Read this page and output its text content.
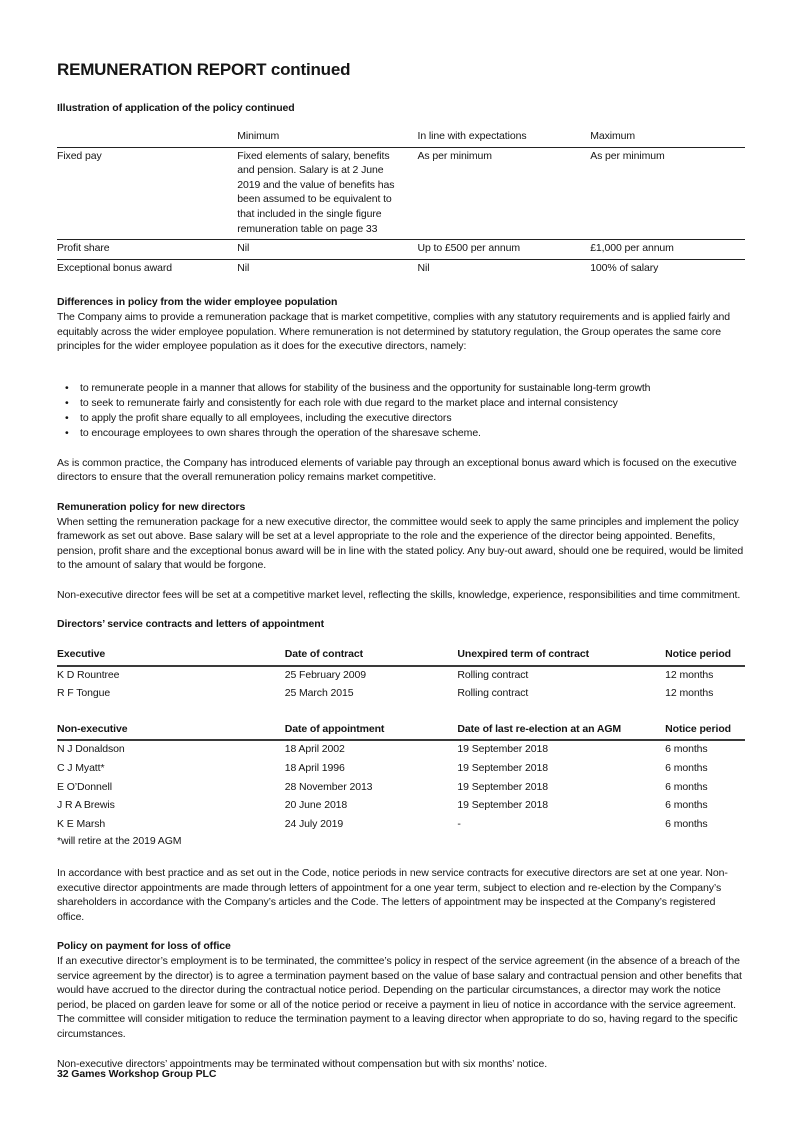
REMUNERATION REPORT continued
Illustration of application of the policy continued
	Minimum	In line with expectations	Maximum
Fixed pay	Fixed elements of salary, benefits and pension. Salary is at 2 June 2019 and the value of benefits has been assumed to be equivalent to that included in the single figure remuneration table on page 33	As per minimum	As per minimum
Profit share	Nil	Up to £500 per annum	£1,000 per annum
Exceptional bonus award	Nil	Nil	100% of salary
Differences in policy from the wider employee population

The Company aims to provide a remuneration package that is market competitive, complies with any statutory requirements and is applied fairly and equitably across the wider employee population. Where remuneration is not determined by statutory regulation, the Group operates the same core principles for the wider employee population as it does for the executive directors, namely:

• to remunerate people in a manner that allows for stability of the business and the opportunity for sustainable long-term growth
• to seek to remunerate fairly and consistently for each role with due regard to the market place and internal consistency
• to apply the profit share equally to all employees, including the executive directors
• to encourage employees to own shares through the operation of the sharesave scheme.

As is common practice, the Company has introduced elements of variable pay through an exceptional bonus award which is focused on the executive directors to ensure that the overall remuneration policy remains market competitive.

Remuneration policy for new directors

When setting the remuneration package for a new executive director, the committee would seek to apply the same principles and implement the policy framework as set out above. Base salary will be set at a level appropriate to the role and the experience of the director being appointed. Benefits, pension, profit share and the exceptional bonus award will be in line with the stated policy. Any buy-out award, should one be required, would be limited to the amount of salary that would be forgone.

Non-executive director fees will be set at a competitive market level, reflecting the skills, knowledge, experience, responsibilities and time commitment.

Directors’ service contracts and letters of appointment
Executive	Date of contract	Unexpired term of contract	Notice period
K D Rountree	25 February 2009	Rolling contract	12 months
R F Tongue	25 March 2015	Rolling contract	12 months
Non-executive	Date of appointment	Date of last re-election at an AGM	Notice period
N J Donaldson	18 April 2002	19 September 2018	6 months
C J Myatt*	18 April 1996	19 September 2018	6 months
E O’Donnell	28 November 2013	19 September 2018	6 months
J R A Brewis	20 June 2018	19 September 2018	6 months
K E Marsh	24 July 2019	-	6 months

*will retire at the 2019 AGM

In accordance with best practice and as set out in the Code, notice periods in new service contracts for executive directors are set at one year. Non-executive director appointments are made through letters of appointment for a one year term, subject to election and re-election by the Company’s shareholders in accordance with the Company’s articles and the Code. The letters of appointment may be inspected at the Company’s registered office.

Policy on payment for loss of office

If an executive director’s employment is to be terminated, the committee’s policy in respect of the service agreement (in the absence of a breach of the service agreement by the director) is to agree a termination payment based on the value of base salary and contractual pension and other benefits that would have accrued to the director during the contractual notice period. Depending on the particular circumstances, a director may work the notice period, be placed on garden leave for some or all of the notice period or receive a payment in lieu of notice in accordance with the service agreement. The committee will consider mitigation to reduce the termination payment to a leaving director when appropriate to do so, having regard to the specific circumstances.

Non-executive directors’ appointments may be terminated without compensation but with six months’ notice.

32 Games Workshop Group PLC
